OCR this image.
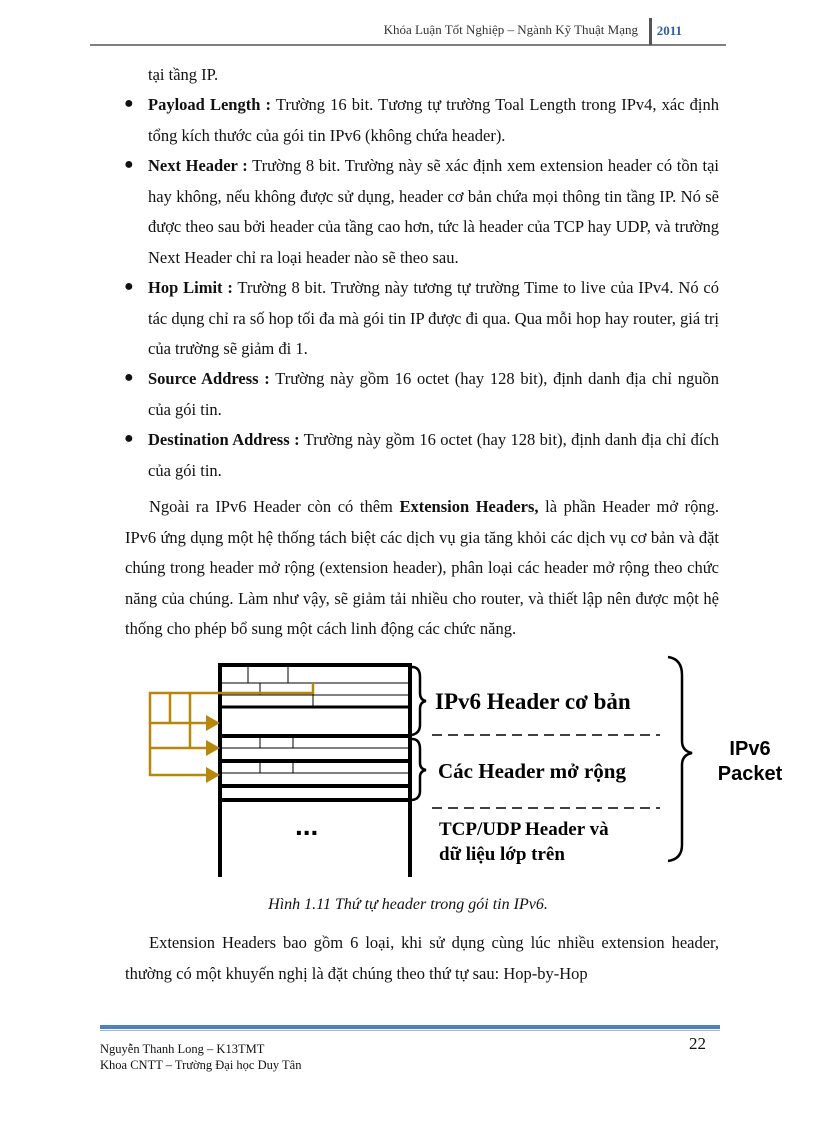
Khóa Luận Tốt Nghiệp – Ngành Kỹ Thuật Mạng 2011
tại tầng IP.
● Payload Length : Trường 16 bit. Tương tự trường Toal Length trong IPv4, xác định tổng kích thước của gói tin IPv6 (không chứa header).
● Next Header : Trường 8 bit. Trường này sẽ xác định xem extension header có tồn tại hay không, nếu không được sử dụng, header cơ bản chứa mọi thông tin tầng IP. Nó sẽ được theo sau bởi header của tầng cao hơn, tức là header của TCP hay UDP, và trường Next Header chỉ ra loại header nào sẽ theo sau.
● Hop Limit : Trường 8 bit. Trường này tương tự trường Time to live của IPv4. Nó có tác dụng chỉ ra số hop tối đa mà gói tin IP được đi qua. Qua mỗi hop hay router, giá trị của trường sẽ giảm đi 1.
● Source Address : Trường này gồm 16 octet (hay 128 bit), định danh địa chỉ nguồn của gói tin.
● Destination Address : Trường này gồm 16 octet (hay 128 bit), định danh địa chỉ đích của gói tin.
Ngoài ra IPv6 Header còn có thêm Extension Headers, là phần Header mở rộng. IPv6 ứng dụng một hệ thống tách biệt các dịch vụ gia tăng khỏi các dịch vụ cơ bản và đặt chúng trong header mở rộng (extension header), phân loại các header mở rộng theo chức năng của chúng. Làm như vậy, sẽ giảm tải nhiều cho router, và thiết lập nên được một hệ thống cho phép bổ sung một cách linh động các chức năng.
IPv6 Header cơ bản
Các Header mở rộng
TCP/UDP Header và
dữ liệu lớp trên
...
IPv6
Packet
Hình 1.11 Thứ tự header trong gói tin IPv6.
Extension Headers bao gồm 6 loại, khi sử dụng cùng lúc nhiều extension header, thường có một khuyến nghị là đặt chúng theo thứ tự sau: Hop-by-Hop
22
Nguyễn Thanh Long – K13TMT
Khoa CNTT – Trường Đại học Duy Tân
